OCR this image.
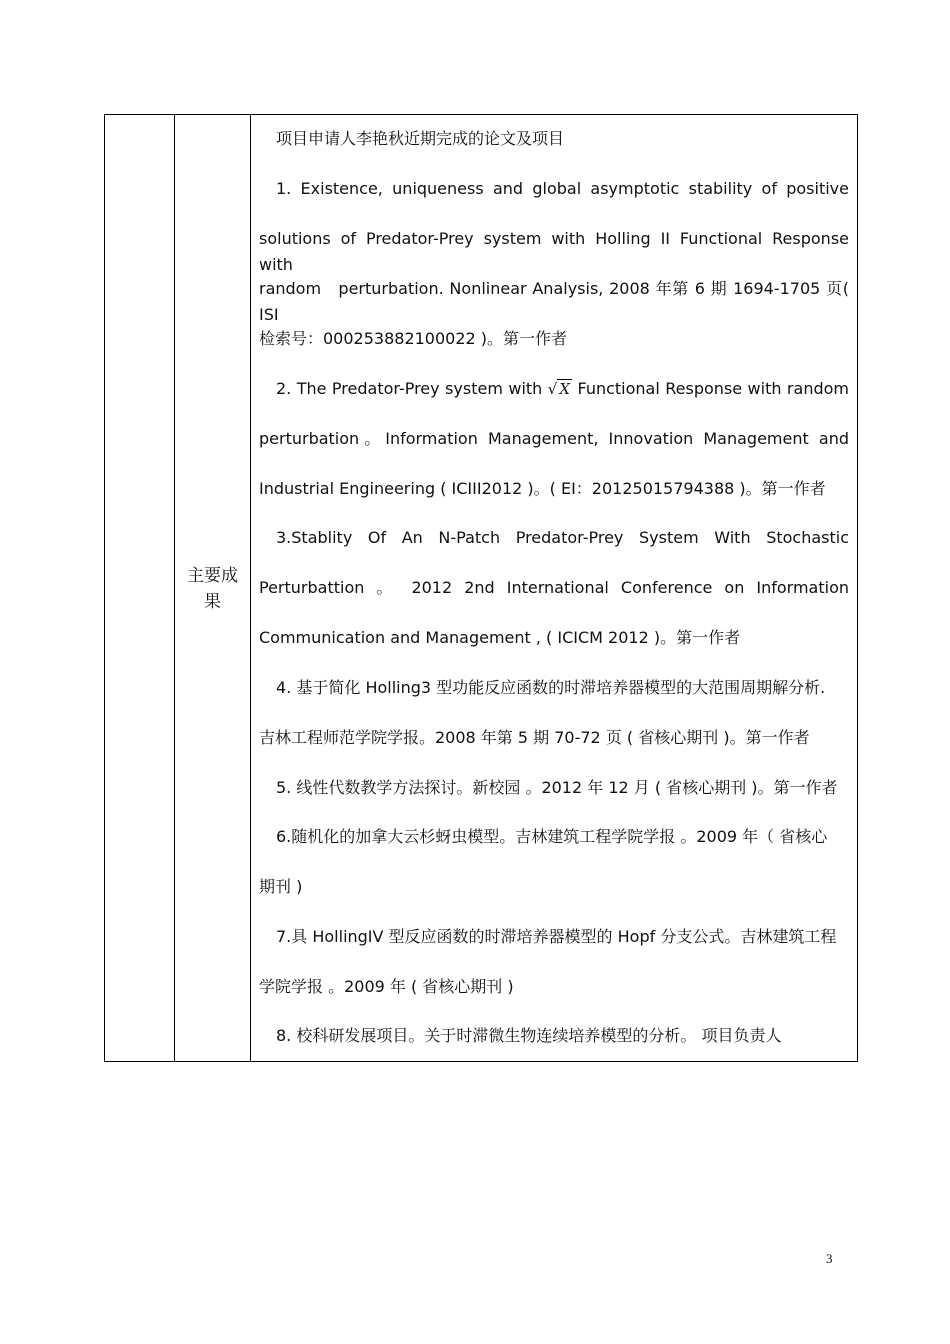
主要成
果
项目申请人李艳秋近期完成的论文及项目
1. Existence, uniqueness and global asymptotic stability of positive
solutions of Predator-Prey system with Holling II Functional Response with
random　perturbation. Nonlinear Analysis, 2008 年第 6 期 1694-1705 页( ISI
检索号：000253882100022 )。第一作者
2. The Predator-Prey system with √ X Functional Response with random
perturbation。Information Management, Innovation Management and
Industrial Engineering ( ICIII2012 )。( EI：20125015794388 )。第一作者
3.Stablity Of An N-Patch Predator-Prey System With Stochastic
Perturbattion 。 2012 2nd International Conference on Information
Communication and Management , ( ICICM 2012 )。第一作者
4. 基于简化 Holling3 型功能反应函数的时滞培养器模型的大范围周期解分析.
吉林工程师范学院学报。2008 年第 5 期 70-72 页 ( 省核心期刊 )。第一作者
5. 线性代数教学方法探讨。新校园 。2012 年 12 月 ( 省核心期刊 )。第一作者
6.随机化的加拿大云杉蚜虫模型。吉林建筑工程学院学报 。2009 年（ 省核心
期刊 )
7.具 HollingIV 型反应函数的时滞培养器模型的 Hopf 分支公式。吉林建筑工程
学院学报 。2009 年 ( 省核心期刊 )
8. 校科研发展项目。关于时滞微生物连续培养模型的分析。 项目负责人
3
